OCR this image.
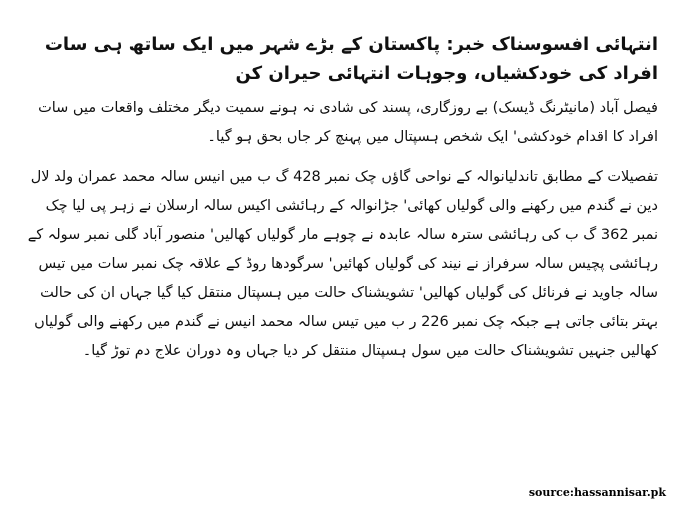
انتہائی افسوسناک خبر: پاکستان کے بڑے شہر میں ایک ساتھ ہی سات افراد کی خودکشیاں، وجوہات انتہائی حیران کن
فیصل آباد (مانیٹرنگ ڈیسک) بے روزگاری، پسند کی شادی نہ ہونے سمیت دیگر مختلف واقعات میں سات افراد کا اقدام خودکشی' ایک شخص ہسپتال میں پہنچ کر جاں بحق ہو گیا۔
تفصیلات کے مطابق تاندلیانوالہ کے نواحی گاؤں چک نمبر 428 گ ب میں انیس سالہ محمد عمران ولد لال دین نے گندم میں رکھنے والی گولیاں کھائی' جڑانوالہ کے رہائشی اکیس سالہ ارسلان نے زہر پی لیا چک نمبر 362 گ ب کی رہائشی سترہ سالہ عابدہ نے چوہے مار گولیاں کھالیں' منصور آباد گلی نمبر سولہ کے رہائشی پچیس سالہ سرفراز نے نیند کی گولیاں کھائیں' سرگودھا روڈ کے علاقہ چک نمبر سات میں تیس سالہ جاوید نے فرنائل کی گولیاں کھالیں' تشویشناک حالت میں ہسپتال منتقل کیا گیا جہاں ان کی حالت بہتر بتائی جاتی ہے جبکہ چک نمبر 226 ر ب میں تیس سالہ محمد انیس نے گندم میں رکھنے والی گولیاں کھالیں جنہیں تشویشناک حالت میں سول ہسپتال منتقل کر دیا جہاں وہ دوران علاج دم توڑ گیا۔
source:hassannisar.pk
